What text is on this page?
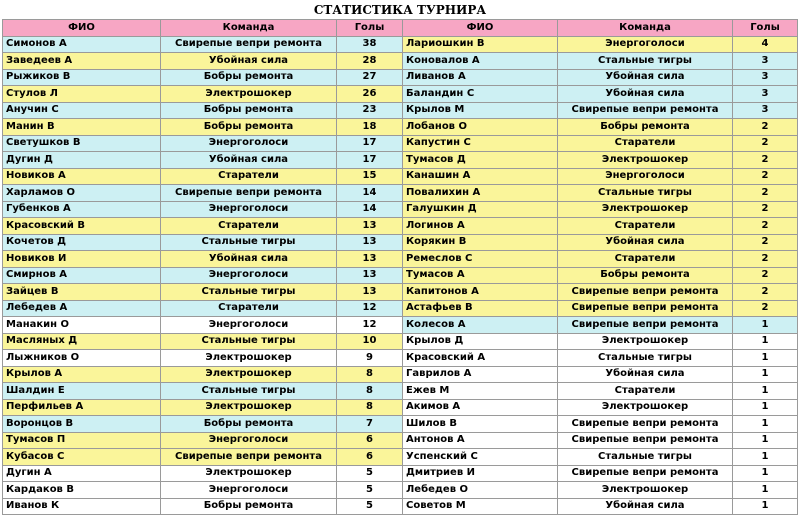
СТАТИСТИКА ТУРНИРА
ФИО	Команда	Голы	ФИО	Команда	Голы
Симонов А	Свирепые вепри ремонта	38	Лариошкин В	Энергоголоси	4
Заведеев А	Убойная сила	28	Коновалов А	Стальные тигры	3
Рыжиков В	Бобры ремонта	27	Ливанов А	Убойная сила	3
Стулов Л	Электрошокер	26	Баландин С	Убойная сила	3
Анучин С	Бобры ремонта	23	Крылов М	Свирепые вепри ремонта	3
Манин В	Бобры ремонта	18	Лобанов О	Бобры ремонта	2
Светушков В	Энергоголоси	17	Капустин С	Старатели	2
Дугин Д	Убойная сила	17	Тумасов Д	Электрошокер	2
Новиков А	Старатели	15	Канашин А	Энергоголоси	2
Харламов О	Свирепые вепри ремонта	14	Повалихин А	Стальные тигры	2
Губенков А	Энергоголоси	14	Галушкин Д	Электрошокер	2
Красовский В	Старатели	13	Логинов А	Старатели	2
Кочетов Д	Стальные тигры	13	Корякин В	Убойная сила	2
Новиков И	Убойная сила	13	Ремеслов С	Старатели	2
Смирнов А	Энергоголоси	13	Тумасов А	Бобры ремонта	2
Зайцев В	Стальные тигры	13	Капитонов А	Свирепые вепри ремонта	2
Лебедев А	Старатели	12	Астафьев В	Свирепые вепри ремонта	2
Манакин О	Энергоголоси	12	Колесов А	Свирепые вепри ремонта	1
Масляных Д	Стальные тигры	10	Крылов Д	Электрошокер	1
Лыжников О	Электрошокер	9	Красовский А	Стальные тигры	1
Крылов А	Электрошокер	8	Гаврилов А	Убойная сила	1
Шалдин Е	Стальные тигры	8	Ежев М	Старатели	1
Перфильев А	Электрошокер	8	Акимов А	Электрошокер	1
Воронцов В	Бобры ремонта	7	Шилов В	Свирепые вепри ремонта	1
Тумасов П	Энергоголоси	6	Антонов А	Свирепые вепри ремонта	1
Кубасов С	Свирепые вепри ремонта	6	Успенский С	Стальные тигры	1
Дугин А	Электрошокер	5	Дмитриев И	Свирепые вепри ремонта	1
Кардаков В	Энергоголоси	5	Лебедев О	Электрошокер	1
Иванов К	Бобры ремонта	5	Советов М	Убойная сила	1
